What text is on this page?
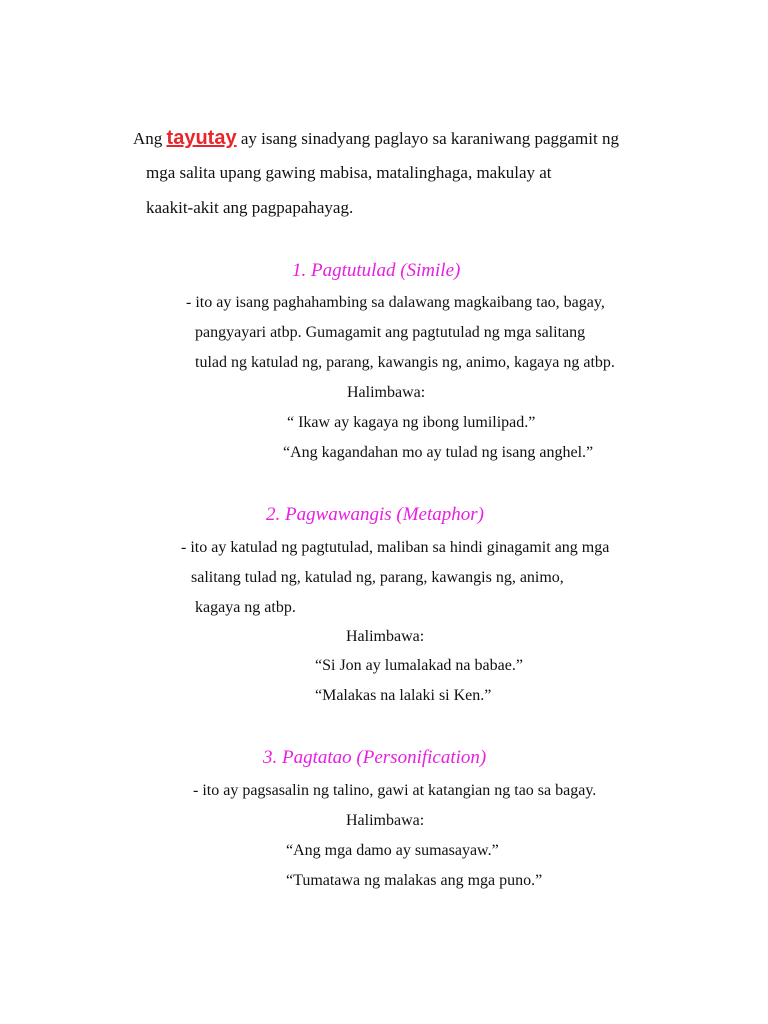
Ang tayutay ay isang sinadyang paglayo sa karaniwang paggamit ng
mga salita upang gawing mabisa, matalinghaga, makulay at
kaakit-akit ang pagpapahayag.
1. Pagtutulad (Simile)
- ito ay isang paghahambing sa dalawang magkaibang tao, bagay,
pangyayari atbp. Gumagamit ang pagtutulad ng mga salitang
tulad ng katulad ng, parang, kawangis ng, animo, kagaya ng atbp.
Halimbawa:
“ Ikaw ay kagaya ng ibong lumilipad.”
“Ang kagandahan mo ay tulad ng isang anghel.”
2. Pagwawangis (Metaphor)
- ito ay katulad ng pagtutulad, maliban sa hindi ginagamit ang mga
salitang tulad ng, katulad ng, parang, kawangis ng, animo,
kagaya ng atbp.
Halimbawa:
“Si Jon ay lumalakad na babae.”
“Malakas na lalaki si Ken.”
3. Pagtatao (Personification)
- ito ay pagsasalin ng talino, gawi at katangian ng tao sa bagay.
Halimbawa:
“Ang mga damo ay sumasayaw.”
“Tumatawa ng malakas ang mga puno.”
